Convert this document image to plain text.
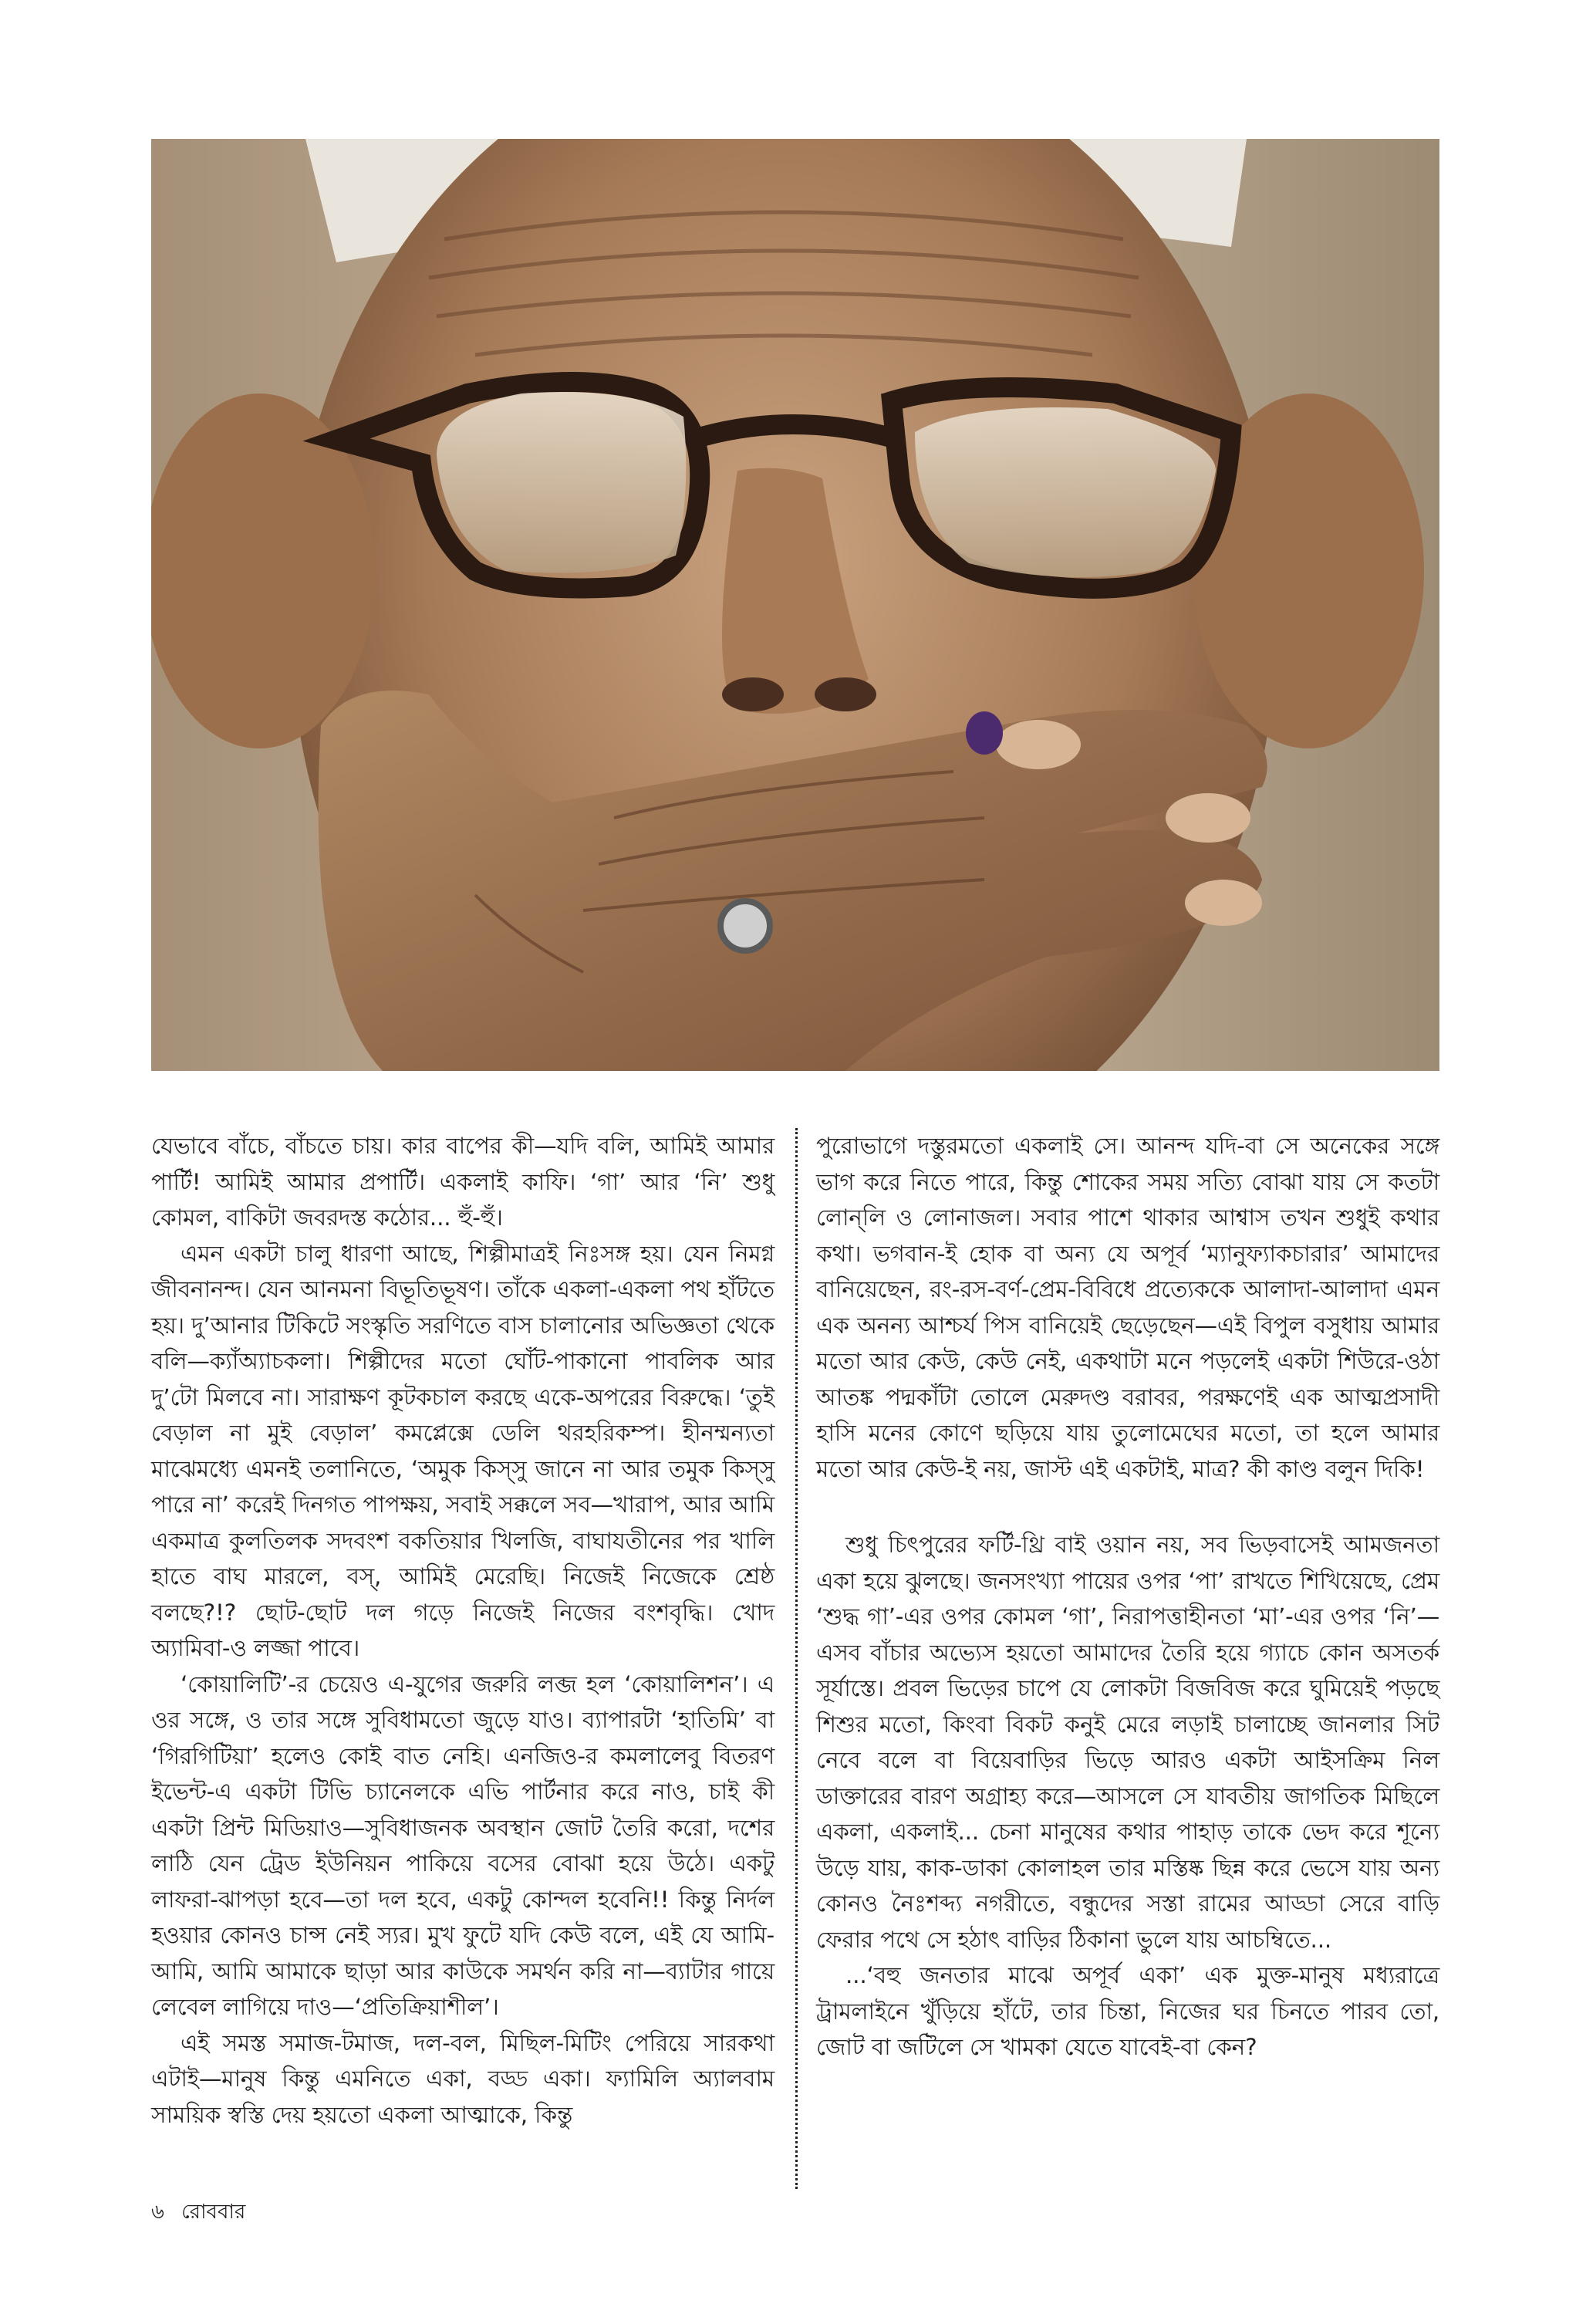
যেভাবে বাঁচে, বাঁচতে চায়। কার বাপের কী—যদি বলি, আমিই আমার পার্টি! আমিই আমার প্রপার্টি। একলাই কাফি। ‘গা’ আর ‘নি’ শুধু কোমল, বাকিটা জবরদস্ত কঠোর... হুঁ-হুঁ।

এমন একটা চালু ধারণা আছে, শিল্পীমাত্রই নিঃসঙ্গ হয়। যেন নিমগ্ন জীবনানন্দ। যেন আনমনা বিভূতিভূষণ। তাঁকে একলা-একলা পথ হাঁটতে হয়। দু’আনার টিকিটে সংস্কৃতি সরণিতে বাস চালানোর অভিজ্ঞতা থেকে বলি—ক্যাঁঅ্যাচকলা। শিল্পীদের মতো ঘোঁট-পাকানো পাবলিক আর দু’টো মিলবে না। সারাক্ষণ কূটকচাল করছে একে-অপরের বিরুদ্ধে। ‘তুই বেড়াল না মুই বেড়াল’ কমপ্লেক্সে ডেলি থরহরিকম্প। হীনম্মন্যতা মাঝেমধ্যে এমনই তলানিতে, ‘অমুক কিস্সু জানে না আর তমুক কিস্সু পারে না’ করেই দিনগত পাপক্ষয়, সবাই সক্কলে সব—খারাপ, আর আমি একমাত্র কুলতিলক সদবংশ বকতিয়ার খিলজি, বাঘাযতীনের পর খালি হাতে বাঘ মারলে, বস্, আমিই মেরেছি। নিজেই নিজেকে শ্রেষ্ঠ বলছে?!? ছোট-ছোট দল গড়ে নিজেই নিজের বংশবৃদ্ধি। খোদ অ্যামিবা-ও লজ্জা পাবে।

‘কোয়ালিটি’-র চেয়েও এ-যুগের জরুরি লব্জ হল ‘কোয়ালিশন’। এ ওর সঙ্গে, ও তার সঙ্গে সুবিধামতো জুড়ে যাও। ব্যাপারটা ‘হাতিমি’ বা ‘গিরগিটিয়া’ হলেও কোই বাত নেহি। এনজিও-র কমলালেবু বিতরণ ইভেন্ট-এ একটা টিভি চ্যানেলকে এভি পার্টনার করে নাও, চাই কী একটা প্রিন্ট মিডিয়াও—সুবিধাজনক অবস্থান জোট তৈরি করো, দশের লাঠি যেন ট্রেড ইউনিয়ন পাকিয়ে বসের বোঝা হয়ে উঠে। একটু লাফরা-ঝাপড়া হবে—তা দল হবে, একটু কোন্দল হবেনি!! কিন্তু নির্দল হওয়ার কোনও চান্স নেই স্যর। মুখ ফুটে যদি কেউ বলে, এই যে আমি-আমি, আমি আমাকে ছাড়া আর কাউকে সমর্থন করি না—ব্যাটার গায়ে লেবেল লাগিয়ে দাও—‘প্রতিক্রিয়াশীল’।

এই সমস্ত সমাজ-টমাজ, দল-বল, মিছিল-মিটিং পেরিয়ে সারকথা এটাই—মানুষ কিন্তু এমনিতে একা, বড্ড একা। ফ্যামিলি অ্যালবাম সাময়িক স্বস্তি দেয় হয়তো একলা আত্মাকে, কিন্তু

পুরোভাগে দস্তুরমতো একলাই সে। আনন্দ যদি-বা সে অনেকের সঙ্গে ভাগ করে নিতে পারে, কিন্তু শোকের সময় সত্যি বোঝা যায় সে কতটা লোন্‌লি ও লোনাজল। সবার পাশে থাকার আশ্বাস তখন শুধুই কথার কথা। ভগবান-ই হোক বা অন্য যে অপূর্ব ‘ম্যানুফ্যাকচারার’ আমাদের বানিয়েছেন, রং-রস-বর্ণ-প্রেম-বিবিধে প্রত্যেককে আলাদা-আলাদা এমন এক অনন্য আশ্চর্য পিস বানিয়েই ছেড়েছেন—এই বিপুল বসুধায় আমার মতো আর কেউ, কেউ নেই, একথাটা মনে পড়লেই একটা শিউরে-ওঠা আতঙ্ক পদ্মকাঁটা তোলে মেরুদণ্ড বরাবর, পরক্ষণেই এক আত্মপ্রসাদী হাসি মনের কোণে ছড়িয়ে যায় তুলোমেঘের মতো, তা হলে আমার মতো আর কেউ-ই নয়, জাস্ট এই একটাই, মাত্র? কী কাণ্ড বলুন দিকি!

শুধু চিৎপুরের ফর্টি-থ্রি বাই ওয়ান নয়, সব ভিড়বাসেই আমজনতা একা হয়ে ঝুলছে। জনসংখ্যা পায়ের ওপর ‘পা’ রাখতে শিখিয়েছে, প্রেম ‘শুদ্ধ গা’-এর ওপর কোমল ‘গা’, নিরাপত্তাহীনতা ‘মা’-এর ওপর ‘নি’—এসব বাঁচার অভ্যেস হয়তো আমাদের তৈরি হয়ে গ্যাচে কোন অসতর্ক সূর্যাস্তে। প্রবল ভিড়ের চাপে যে লোকটা বিজবিজ করে ঘুমিয়েই পড়ছে শিশুর মতো, কিংবা বিকট কনুই মেরে লড়াই চালাচ্ছে জানলার সিট নেবে বলে বা বিয়েবাড়ির ভিড়ে আরও একটা আইসক্রিম নিল ডাক্তারের বারণ অগ্রাহ্য করে—আসলে সে যাবতীয় জাগতিক মিছিলে একলা, একলাই... চেনা মানুষের কথার পাহাড় তাকে ভেদ করে শূন্যে উড়ে যায়, কাক-ডাকা কোলাহল তার মস্তিষ্ক ছিন্ন করে ভেসে যায় অন্য কোনও নৈঃশব্দ্য নগরীতে, বন্ধুদের সস্তা রামের আড্ডা সেরে বাড়ি ফেরার পথে সে হঠাৎ বাড়ির ঠিকানা ভুলে যায় আচম্বিতে...

...‘বহু জনতার মাঝে অপূর্ব একা’ এক মুক্ত-মানুষ মধ্যরাত্রে ট্রামলাইনে খুঁড়িয়ে হাঁটে, তার চিন্তা, নিজের ঘর চিনতে পারব তো, জোট বা জটিলে সে খামকা যেতে যাবেই-বা কেন?

৬ রোববার
